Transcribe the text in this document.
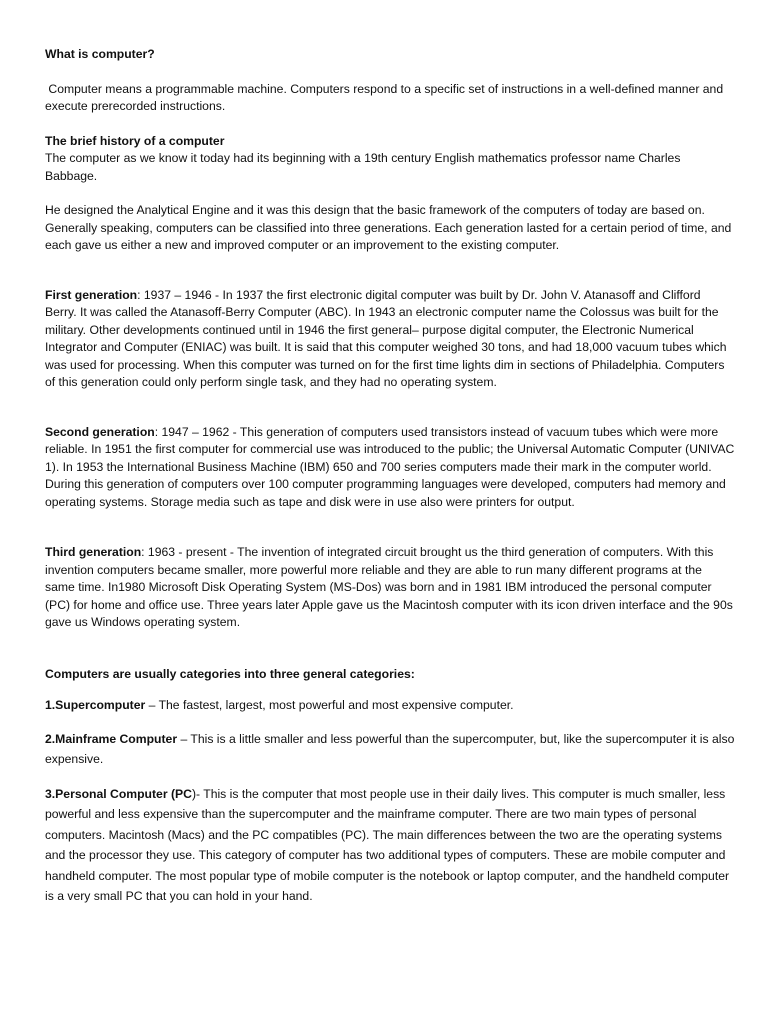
What is computer?

Computer means a programmable machine. Computers respond to a specific set of instructions in a well-defined manner and execute prerecorded instructions.

The brief history of a computer

The computer as we know it today had its beginning with a 19th century English mathematics professor name Charles Babbage.

He designed the Analytical Engine and it was this design that the basic framework of the computers of today are based on.

Generally speaking, computers can be classified into three generations. Each generation lasted for a certain period of time, and each gave us either a new and improved computer or an improvement to the existing computer.

First generation: 1937 – 1946 - In 1937 the first electronic digital computer was built by Dr. John V. Atanasoff and Clifford Berry. It was called the Atanasoff-Berry Computer (ABC). In 1943 an electronic computer name the Colossus was built for the military. Other developments continued until in 1946 the first general– purpose digital computer, the Electronic Numerical Integrator and Computer (ENIAC) was built. It is said that this computer weighed 30 tons, and had 18,000 vacuum tubes which was used for processing. When this computer was turned on for the first time lights dim in sections of Philadelphia. Computers of this generation could only perform single task, and they had no operating system.

Second generation: 1947 – 1962 - This generation of computers used transistors instead of vacuum tubes which were more reliable. In 1951 the first computer for commercial use was introduced to the public; the Universal Automatic Computer (UNIVAC 1). In 1953 the International Business Machine (IBM) 650 and 700 series computers made their mark in the computer world. During this generation of computers over 100 computer programming languages were developed, computers had memory and operating systems. Storage media such as tape and disk were in use also were printers for output.

Third generation: 1963 - present - The invention of integrated circuit brought us the third generation of computers. With this invention computers became smaller, more powerful more reliable and they are able to run many different programs at the same time. In1980 Microsoft Disk Operating System (MS-Dos) was born and in 1981 IBM introduced the personal computer (PC) for home and office use. Three years later Apple gave us the Macintosh computer with its icon driven interface and the 90s gave us Windows operating system.

Computers are usually categories into three general categories:

1.Supercomputer – The fastest, largest, most powerful and most expensive computer.

2.Mainframe Computer – This is a little smaller and less powerful than the supercomputer, but, like the supercomputer it is also expensive.

3.Personal Computer (PC)- This is the computer that most people use in their daily lives. This computer is much smaller, less powerful and less expensive than the supercomputer and the mainframe computer. There are two main types of personal computers. Macintosh (Macs) and the PC compatibles (PC). The main differences between the two are the operating systems and the processor they use. This category of computer has two additional types of computers. These are mobile computer and handheld computer. The most popular type of mobile computer is the notebook or laptop computer, and the handheld computer is a very small PC that you can hold in your hand.
